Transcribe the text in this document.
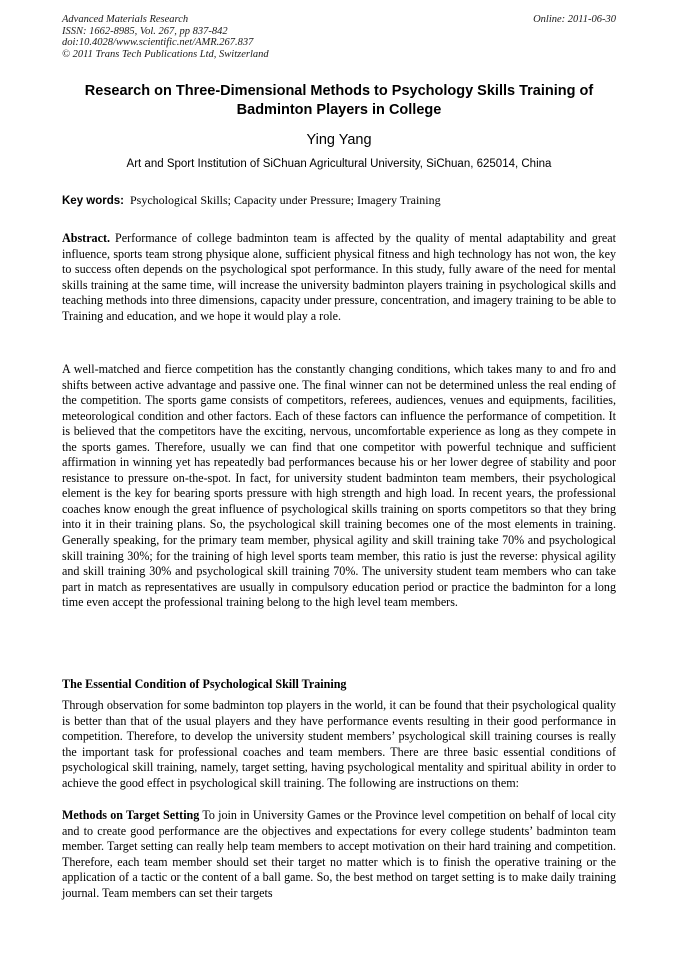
Advanced Materials Research
ISSN: 1662-8985, Vol. 267, pp 837-842
doi:10.4028/www.scientific.net/AMR.267.837
© 2011 Trans Tech Publications Ltd, Switzerland
Online: 2011-06-30
Research on Three-Dimensional Methods to Psychology Skills Training of Badminton Players in College
Ying Yang
Art and Sport Institution of SiChuan Agricultural University, SiChuan, 625014, China
Key words: Psychological Skills; Capacity under Pressure; Imagery Training
Abstract. Performance of college badminton team is affected by the quality of mental adaptability and great influence, sports team strong physique alone, sufficient physical fitness and high technology has not won, the key to success often depends on the psychological spot performance. In this study, fully aware of the need for mental skills training at the same time, will increase the university badminton players training in psychological skills and teaching methods into three dimensions, capacity under pressure, concentration, and imagery training to be able to Training and education, and we hope it would play a role.
A well-matched and fierce competition has the constantly changing conditions, which takes many to and fro and shifts between active advantage and passive one. The final winner can not be determined unless the real ending of the competition. The sports game consists of competitors, referees, audiences, venues and equipments, facilities, meteorological condition and other factors. Each of these factors can influence the performance of competition. It is believed that the competitors have the exciting, nervous, uncomfortable experience as long as they compete in the sports games. Therefore, usually we can find that one competitor with powerful technique and sufficient affirmation in winning yet has repeatedly bad performances because his or her lower degree of stability and poor resistance to pressure on-the-spot. In fact, for university student badminton team members, their psychological element is the key for bearing sports pressure with high strength and high load. In recent years, the professional coaches know enough the great influence of psychological skills training on sports competitors so that they bring into it in their training plans. So, the psychological skill training becomes one of the most elements in training. Generally speaking, for the primary team member, physical agility and skill training take 70% and psychological skill training 30%; for the training of high level sports team member, this ratio is just the reverse: physical agility and skill training 30% and psychological skill training 70%. The university student team members who can take part in match as representatives are usually in compulsory education period or practice the badminton for a long time even accept the professional training belong to the high level team members.
The Essential Condition of Psychological Skill Training
Through observation for some badminton top players in the world, it can be found that their psychological quality is better than that of the usual players and they have performance events resulting in their good performance in competition. Therefore, to develop the university student members’ psychological skill training courses is really the important task for professional coaches and team members. There are three basic essential conditions of psychological skill training, namely, target setting, having psychological mentality and spiritual ability in order to achieve the good effect in psychological skill training. The following are instructions on them:
Methods on Target Setting To join in University Games or the Province level competition on behalf of local city and to create good performance are the objectives and expectations for every college students’ badminton team member. Target setting can really help team members to accept motivation on their hard training and competition. Therefore, each team member should set their target no matter which is to finish the operative training or the application of a tactic or the content of a ball game. So, the best method on target setting is to make daily training journal. Team members can set their targets
